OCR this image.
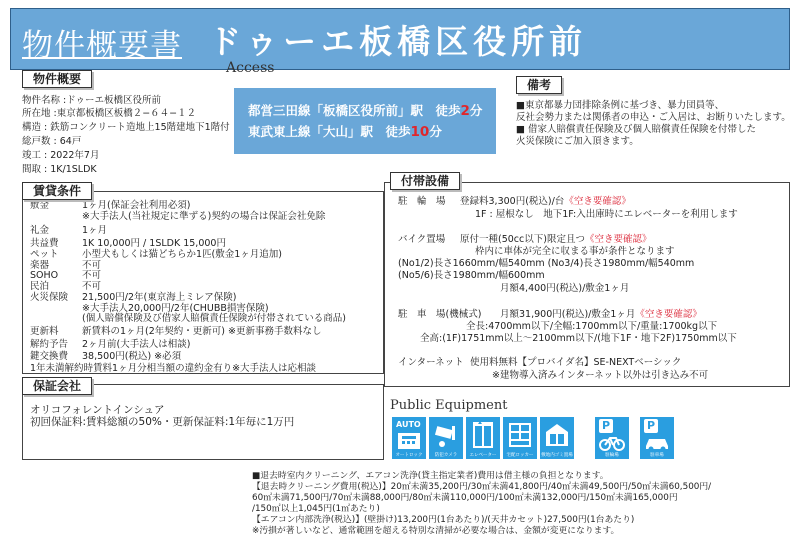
物件概要書 ドゥーエ板橋区役所前
Access
物件概要
物件名称 :ドゥーエ板橋区役所前
所在地 :東京都板橋区板橋２−６４−１２
構造 : 鉄筋コンクリート造地上15階建地下1階付
総戸数 : 64戸
竣工 : 2022年7月
間取 : 1K/1SLDK
都営三田線「板橋区役所前」駅　徒歩2分
東武東上線「大山」駅　徒歩10分
備考
■東京都暴力団排除条例に基づき、暴力団員等、
反社会勢力または関係者の申込・ご入居は、お断りいたします。
■ 借家人賠償責任保険及び個人賠償責任保険を付帯した
火災保険にご加入頂きます。
賃貸条件
敷金	1ヶ月(保証会社利用必須)
※大手法人(当社規定に準ずる)契約の場合は保証会社免除
礼金	1ヶ月
共益費 1K 10,000円 / 1SLDK 15,000円
ペット 小型犬もしくは猫どちらか1匹(敷金1ヶ月追加)
楽器	不可
SOHO	不可
民泊	不可
火災保険 21,500円/2年(東京海上ミレア保険)
※大手法人20,000円/2年(CHUBB損害保険)
(個人賠償保険及び借家人賠償責任保険が付帯されている商品)
更新料 新賃料の1ヶ月(2年契約・更新可) ※更新事務手数料なし
解約予告 2ヶ月前(大手法人は相談)
鍵交換費 38,500円(税込) ※必須
1年未満解約時賃料1ヶ月分相当額の違約金有り※大手法人は応相談
保証会社
オリコフォレントインシュア
初回保証料:賃料総額の50%・更新保証料:1年毎に1万円
付帯設備
駐　輪　場 登録料3,300円(税込)/台《空き要確認》
1F : 屋根なし　地下1F:入出庫時にエレベーターを利用します
バイク置場 原付一種(50cc以下)限定且つ《空き要確認》
枠内に車体が完全に収まる事が条件となります
(No1/2)長さ1660mm/幅540mm (No3/4)長さ1980mm/幅540mm
(No5/6)長さ1980mm/幅600mm
月額4,400円(税込)/敷金1ヶ月
駐　車　場(機械式) 月額31,900円(税込)/敷金1ヶ月《空き要確認》
全長:4700mm以下/全幅:1700mm以下/重量:1700kg以下
全高:(1F)1751mm以上〜2100mm以下/(地下1F・地下2F)1750mm以下
インターネット 使用料無料【プロバイダ名】SE-NEXTベーシック
※建物導入済みインターネット以外は引き込み不可
Public Equipment
AUTO
オートロック	防犯カメラ	エレベーター	宅配ロッカー	敷地内ゴミ置場
P
駐輪場
P
駐車場
■退去時室内クリーニング、エアコン洗浄(貸主指定業者)費用は借主様の負担となります。
【退去時クリーニング費用(税込)】20㎡未満35,200円/30㎡未満41,800円/40㎡未満49,500円/50㎡未満60,500円/
60㎡未満71,500円/70㎡未満88,000円/80㎡未満110,000円/100㎡未満132,000円/150㎡未満165,000円
/150㎡以上1,045円(1㎡あたり)
【エアコン内部洗浄(税込)】(壁掛け)13,200円(1台あたり)/(天井カセット)27,500円(1台あたり)
※汚損が著しいなど、通常範囲を超える特別な清掃が必要な場合は、金額が変更になります。
